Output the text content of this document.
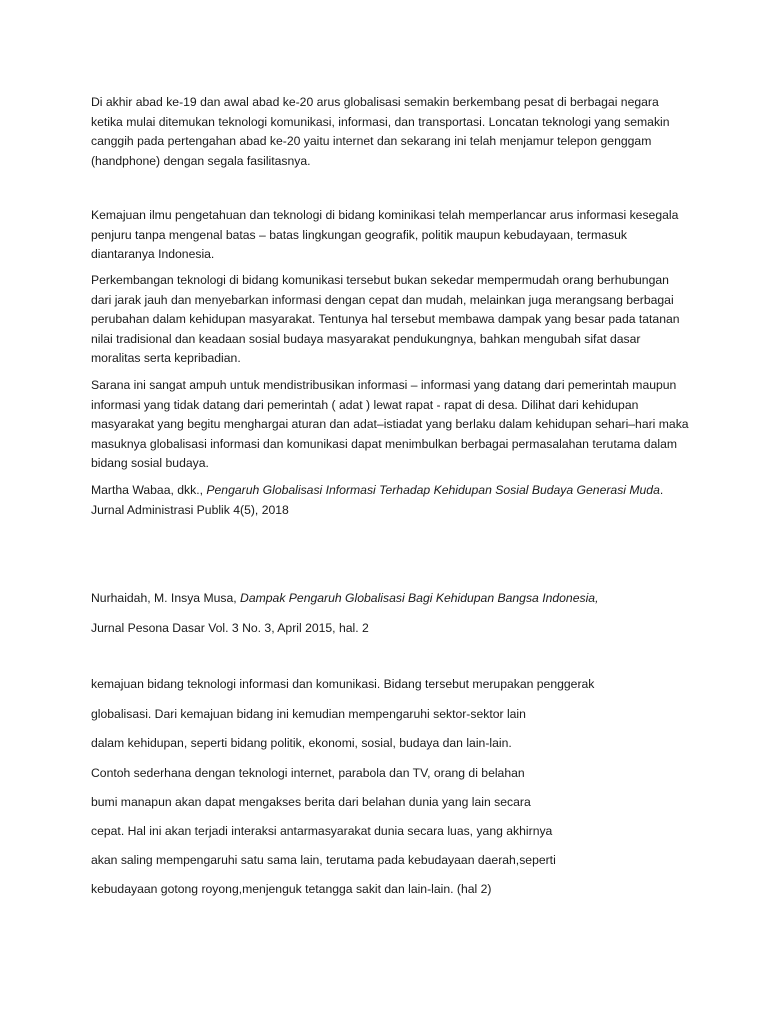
Di akhir abad ke-19 dan awal abad ke-20 arus globalisasi semakin berkembang pesat di berbagai negara ketika mulai ditemukan teknologi komunikasi, informasi, dan transportasi. Loncatan teknologi yang semakin canggih pada pertengahan abad ke-20 yaitu internet dan sekarang ini telah menjamur telepon genggam (handphone) dengan segala fasilitasnya.

Kemajuan ilmu pengetahuan dan teknologi di bidang kominikasi telah memperlancar arus informasi kesegala penjuru tanpa mengenal batas – batas lingkungan geografik, politik maupun kebudayaan, termasuk diantaranya Indonesia.

Perkembangan teknologi di bidang komunikasi tersebut bukan sekedar mempermudah orang berhubungan dari jarak jauh dan menyebarkan informasi dengan cepat dan mudah, melainkan juga merangsang berbagai perubahan dalam kehidupan masyarakat. Tentunya hal tersebut membawa dampak yang besar pada tatanan nilai tradisional dan keadaan sosial budaya masyarakat pendukungnya, bahkan mengubah sifat dasar moralitas serta kepribadian.

Sarana ini sangat ampuh untuk mendistribusikan informasi – informasi yang datang dari pemerintah maupun informasi yang tidak datang dari pemerintah ( adat ) lewat rapat - rapat di desa. Dilihat dari kehidupan masyarakat yang begitu menghargai aturan dan adat–istiadat yang berlaku dalam kehidupan sehari–hari maka masuknya globalisasi informasi dan komunikasi dapat menimbulkan berbagai permasalahan terutama dalam bidang sosial budaya.

Martha Wabaa, dkk., Pengaruh Globalisasi Informasi Terhadap Kehidupan Sosial Budaya Generasi Muda.
Jurnal Administrasi Publik 4(5), 2018
Nurhaidah, M. Insya Musa, Dampak Pengaruh Globalisasi Bagi Kehidupan Bangsa Indonesia,
Jurnal Pesona Dasar Vol. 3 No. 3, April 2015, hal. 2
kemajuan bidang teknologi informasi dan komunikasi. Bidang tersebut merupakan penggerak
globalisasi. Dari kemajuan bidang ini kemudian mempengaruhi sektor-sektor lain
dalam kehidupan, seperti bidang politik, ekonomi, sosial, budaya dan lain-lain.
Contoh sederhana dengan teknologi internet, parabola dan TV, orang di belahan
bumi manapun akan dapat mengakses berita dari belahan dunia yang lain secara
cepat. Hal ini akan terjadi interaksi antarmasyarakat dunia secara luas, yang akhirnya
akan saling mempengaruhi satu sama lain, terutama pada kebudayaan daerah,seperti
kebudayaan gotong royong,menjenguk tetangga sakit dan lain-lain. (hal 2)
